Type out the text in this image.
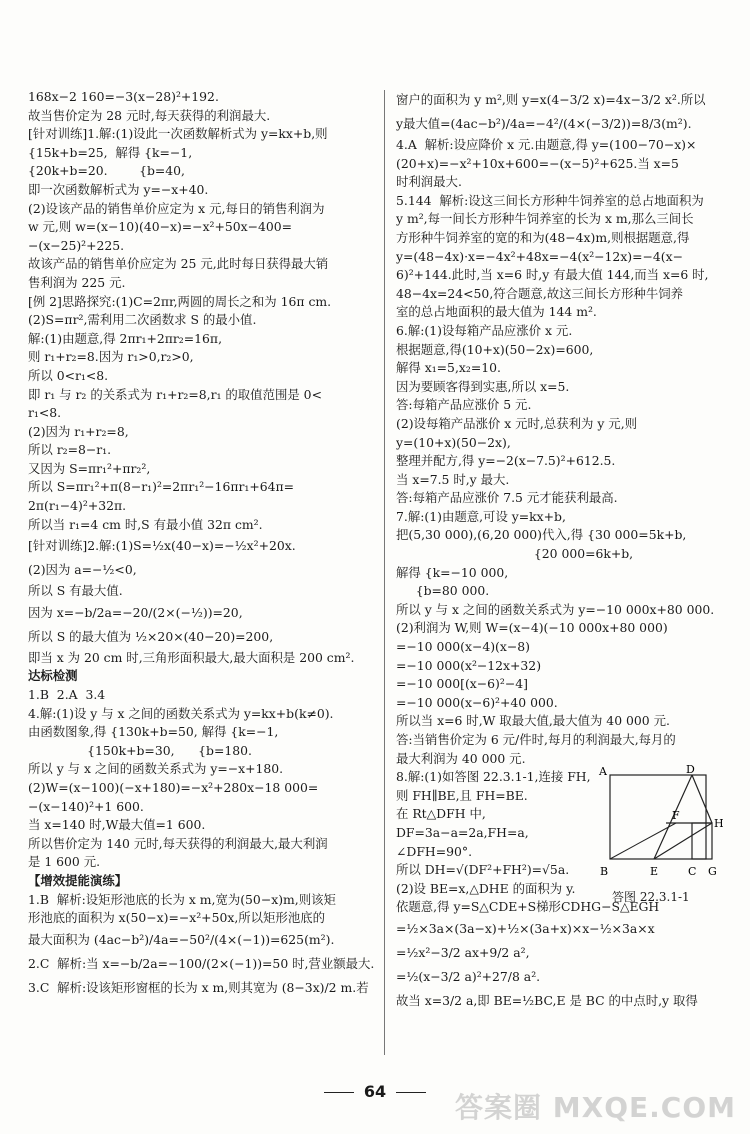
168x−2 160=−3(x−28)²+192.
故当售价定为 28 元时,每天获得的利润最大.
[针对训练]1.解:(1)设此一次函数解析式为 y=kx+b,则
{15k+b=25,  解得 {k=−1,
{20k+b=20.        {b=40,
即一次函数解析式为 y=−x+40.
(2)设该产品的销售单价应定为 x 元,每日的销售利润为
w 元,则 w=(x−10)(40−x)=−x²+50x−400=
−(x−25)²+225.
故该产品的销售单价应定为 25 元,此时每日获得最大销
售利润为 225 元.
[例 2]思路探究:(1)C=2πr,两圆的周长之和为 16π cm.
(2)S=πr²,需利用二次函数求 S 的最小值.
解:(1)由题意,得 2πr₁+2πr₂=16π,
则 r₁+r₂=8.因为 r₁>0,r₂>0,
所以 0<r₁<8.
即 r₁ 与 r₂ 的关系式为 r₁+r₂=8,r₁ 的取值范围是 0<
r₁<8.
(2)因为 r₁+r₂=8,
所以 r₂=8−r₁.
又因为 S=πr₁²+πr₂²,
所以 S=πr₁²+π(8−r₁)²=2πr₁²−16πr₁+64π=
2π(r₁−4)²+32π.
所以当 r₁=4 cm 时,S 有最小值 32π cm².
[针对训练]2.解:(1)S=½x(40−x)=−½x²+20x.
(2)因为 a=−½<0,
所以 S 有最大值.
因为 x=−b/2a=−20/(2×(−½))=20,
所以 S 的最大值为 ½×20×(40−20)=200,
即当 x 为 20 cm 时,三角形面积最大,最大面积是 200 cm².
达标检测
1.B  2.A  3.4
4.解:(1)设 y 与 x 之间的函数关系式为 y=kx+b(k≠0).
由函数图象,得 {130k+b=50, 解得 {k=−1,
{150k+b=30,      {b=180.
所以 y 与 x 之间的函数关系式为 y=−x+180.
(2)W=(x−100)(−x+180)=−x²+280x−18 000=
−(x−140)²+1 600.
当 x=140 时,W最大值=1 600.
所以售价定为 140 元时,每天获得的利润最大,最大利润
是 1 600 元.
【增效提能演练】
1.B  解析:设矩形池底的长为 x m,宽为(50−x)m,则该矩
形池底的面积为 x(50−x)=−x²+50x,所以矩形池底的
最大面积为 (4ac−b²)/4a=−50²/(4×(−1))=625(m²).
2.C  解析:当 x=−b/2a=−100/(2×(−1))=50 时,营业额最大.
3.C  解析:设该矩形窗框的长为 x m,则其宽为 (8−3x)/2 m.若
窗户的面积为 y m²,则 y=x(4−3/2 x)=4x−3/2 x².所以
y最大值=(4ac−b²)/4a=−4²/(4×(−3/2))=8/3(m²).
4.A  解析:设应降价 x 元.由题意,得 y=(100−70−x)×
(20+x)=−x²+10x+600=−(x−5)²+625.当 x=5
时利润最大.
5.144  解析:设这三间长方形种牛饲养室的总占地面积为
y m²,每一间长方形种牛饲养室的长为 x m,那么三间长
方形种牛饲养室的宽的和为(48−4x)m,则根据题意,得
y=(48−4x)·x=−4x²+48x=−4(x²−12x)=−4(x−
6)²+144.此时,当 x=6 时,y 有最大值 144,而当 x=6 时,
48−4x=24<50,符合题意,故这三间长方形种牛饲养
室的总占地面积的最大值为 144 m².
6.解:(1)设每箱产品应涨价 x 元.
根据题意,得(10+x)(50−2x)=600,
解得 x₁=5,x₂=10.
因为要顾客得到实惠,所以 x=5.
答:每箱产品应涨价 5 元.
(2)设每箱产品涨价 x 元时,总获利为 y 元,则
y=(10+x)(50−2x),
整理并配方,得 y=−2(x−7.5)²+612.5.
当 x=7.5 时,y 最大.
答:每箱产品应涨价 7.5 元才能获利最高.
7.解:(1)由题意,可设 y=kx+b,
把(5,30 000),(6,20 000)代入,得 {30 000=5k+b,
{20 000=6k+b,
解得 {k=−10 000,
{b=80 000.
所以 y 与 x 之间的函数关系式为 y=−10 000x+80 000.
(2)利润为 W,则 W=(x−4)(−10 000x+80 000)
=−10 000(x−4)(x−8)
=−10 000(x²−12x+32)
=−10 000[(x−6)²−4]
=−10 000(x−6)²+40 000.
所以当 x=6 时,W 取最大值,最大值为 40 000 元.
答:当销售价定为 6 元/件时,每月的利润最大,每月的
最大利润为 40 000 元.
8.解:(1)如答图 22.3.1-1,连接 FH,
则 FH∥BE,且 FH=BE.
在 Rt△DFH 中,
DF=3a−a=2a,FH=a,
∠DFH=90°.
所以 DH=√(DF²+FH²)=√5a.
(2)设 BE=x,△DHE 的面积为 y.
依题意,得 y=S△CDE+S梯形CDHG−S△EGH
=½×3a×(3a−x)+½×(3a+x)×x−½×3a×x
=½x²−3/2 ax+9/2 a²,
=½(x−3/2 a)²+27/8 a².
故当 x=3/2 a,即 BE=½BC,E 是 BC 的中点时,y 取得
A	D
F
H
B	E	C G
答图 22.3.1-1
64	答案圈 MXQE.COM
